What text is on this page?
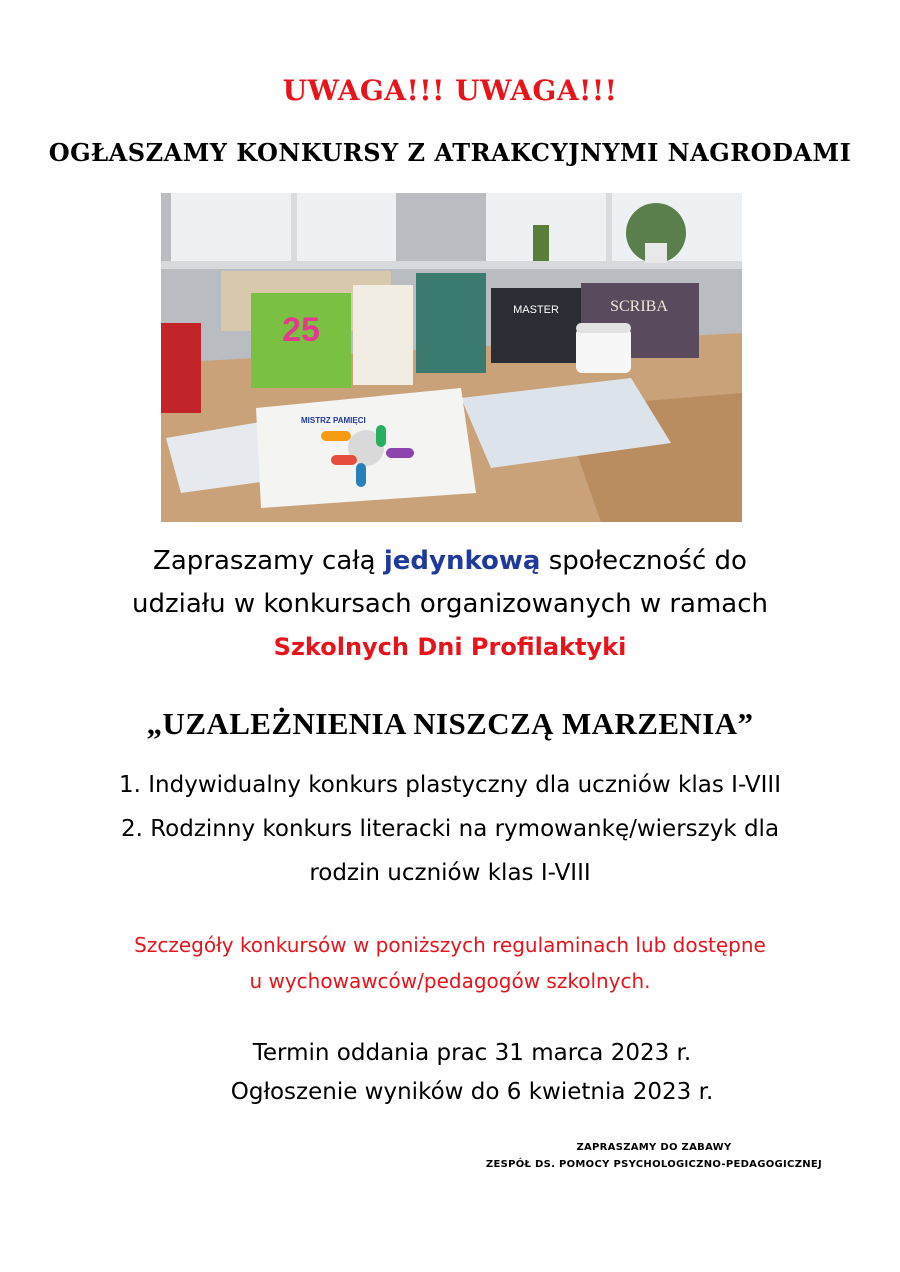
UWAGA!!! UWAGA!!!
OGŁASZAMY KONKURSY Z ATRAKCYJNYMI NAGRODAMI
25
MASTER	SCRIBA
MISTRZ PAMIĘCI
Zapraszamy całą jedynkową społeczność do
udziału w konkursach organizowanych w ramach
Szkolnych Dni Profilaktyki
„UZALEŻNIENIA NISZCZĄ MARZENIA”
1. Indywidualny konkurs plastyczny dla uczniów klas I-VIII
2. Rodzinny konkurs literacki na rymowankę/wierszyk dla
rodzin uczniów klas I-VIII
Szczegóły konkursów w poniższych regulaminach lub dostępne
u wychowawców/pedagogów szkolnych.
Termin oddania prac 31 marca 2023 r.
Ogłoszenie wyników do 6 kwietnia 2023 r.
ZAPRASZAMY DO ZABAWY
ZESPÓŁ DS. POMOCY PSYCHOLOGICZNO-PEDAGOGICZNEJ
